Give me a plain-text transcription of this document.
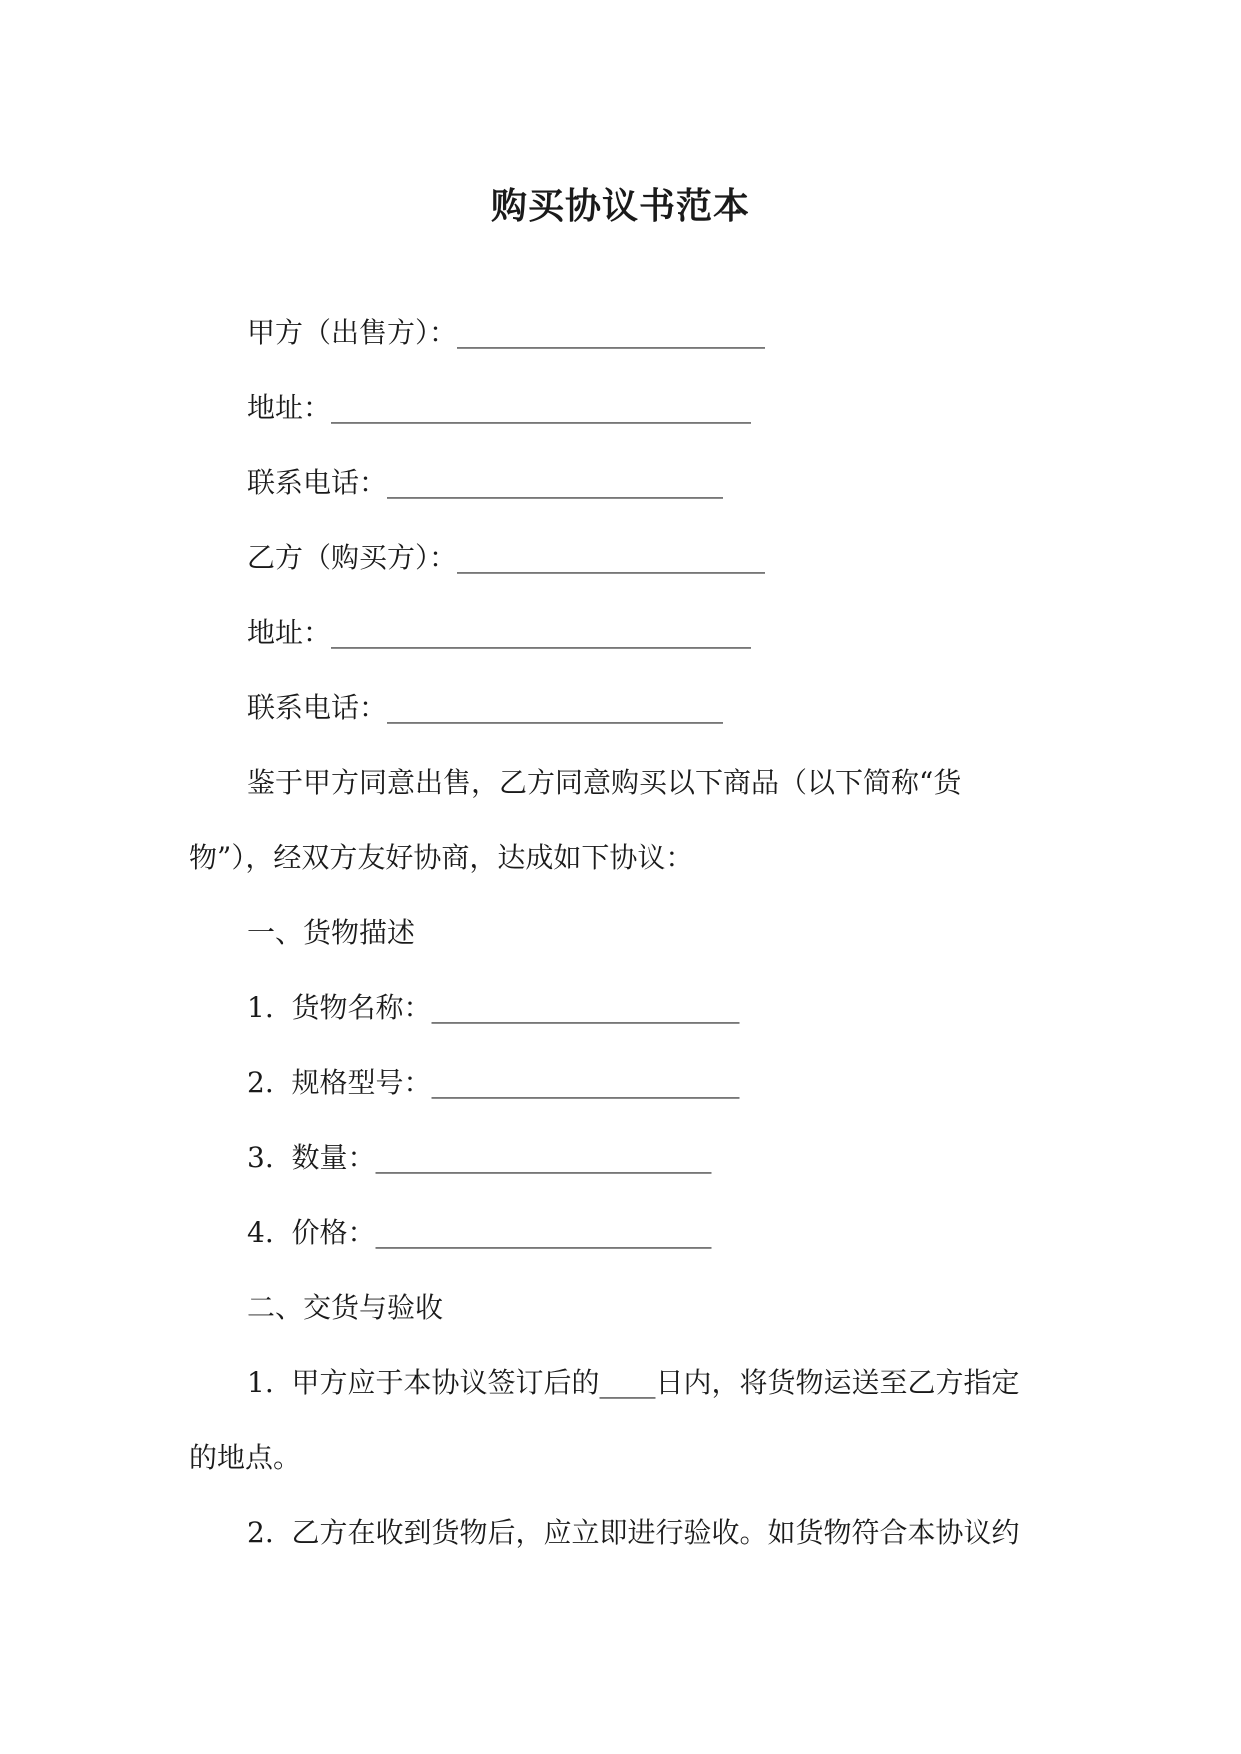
购买协议书范本

甲方（出售方）：______________________

地址：______________________________

联系电话：________________________

乙方（购买方）：______________________

地址：______________________________

联系电话：________________________

鉴于甲方同意出售，乙方同意购买以下商品（以下简称“货

物”），经双方友好协商，达成如下协议：

一、货物描述

1.  货物名称：______________________

2.  规格型号：______________________

3.  数量：________________________

4.  价格：________________________

二、交货与验收

1.  甲方应于本协议签订后的____日内，将货物运送至乙方指定

的地点。

2.  乙方在收到货物后，应立即进行验收。如货物符合本协议约
